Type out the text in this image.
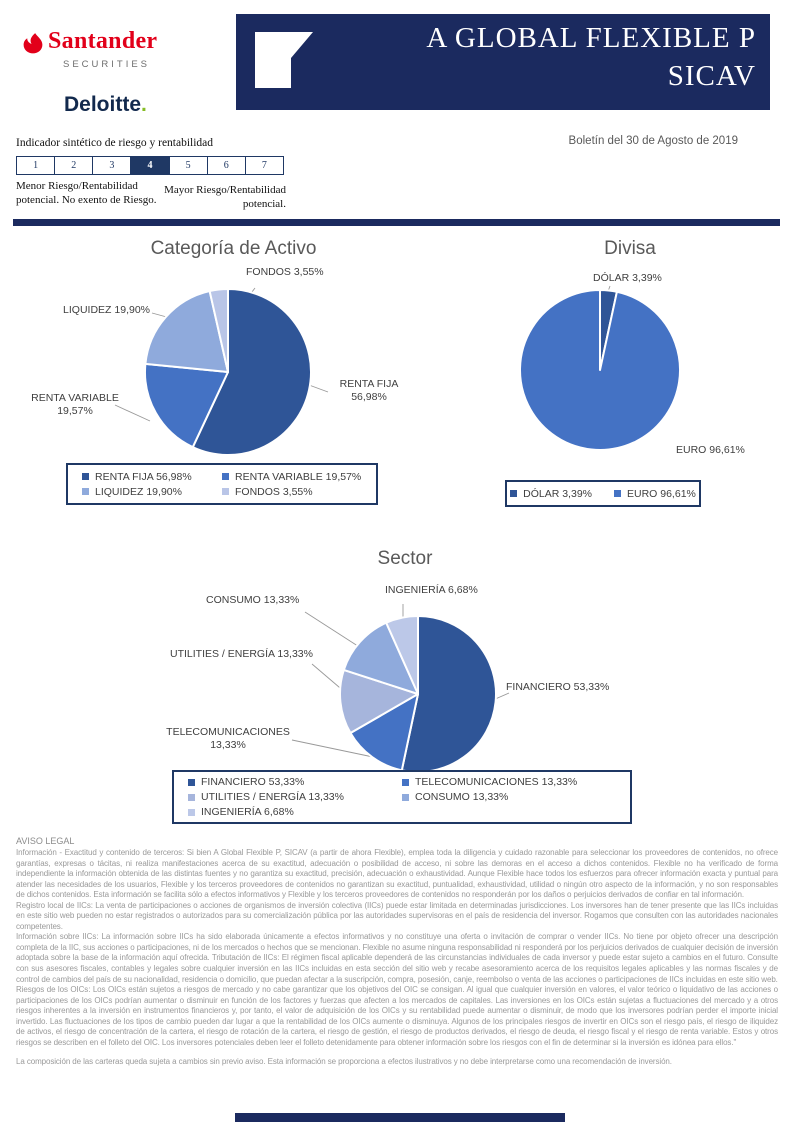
Santander
SECURITIES
Deloitte.
A GLOBAL FLEXIBLE P
SICAV
Boletín del 30 de Agosto de 2019
Indicador sintético de riesgo y rentabilidad
1	2	3	4	5	6	7
Menor Riesgo/Rentabilidad potencial. No exento de Riesgo.
Mayor Riesgo/Rentabilidad potencial.
Categoría de Activo
FONDOS 3,55%
LIQUIDEZ 19,90%
RENTA FIJA 56,98%
RENTA VARIABLE 19,57%
RENTA FIJA 56,98%	RENTA VARIABLE 19,57%
LIQUIDEZ 19,90%	FONDOS 3,55%
Divisa
DÓLAR 3,39%
EURO 96,61%
DÓLAR 3,39%	EURO 96,61%
Sector
INGENIERÍA 6,68%
CONSUMO 13,33%
UTILITIES / ENERGÍA 13,33%
TELECOMUNICACIONES 13,33%
FINANCIERO 53,33%
FINANCIERO 53,33%	TELECOMUNICACIONES 13,33%
UTILITIES / ENERGÍA 13,33%	CONSUMO 13,33%
INGENIERÍA 6,68%
AVISO LEGAL

Información - Exactitud y contenido de terceros: Si bien A Global Flexible P, SICAV (a partir de ahora Flexible), emplea toda la diligencia y cuidado razonable para seleccionar los proveedores de contenidos, no ofrece garantías, expresas o tácitas, ni realiza manifestaciones acerca de su exactitud, adecuación o posibilidad de acceso, ni sobre las demoras en el acceso a dichos contenidos. Flexible no ha verificado de forma independiente la información obtenida de las distintas fuentes y no garantiza su exactitud, precisión, adecuación o exhaustividad. Aunque Flexible hace todos los esfuerzos para ofrecer información exacta y puntual para atender las necesidades de los usuarios, Flexible y los terceros proveedores de contenidos no garantizan su exactitud, puntualidad, exhaustividad, utilidad o ningún otro aspecto de la información, y no son responsables de dichos contenidos. Esta información se facilita sólo a efectos informativos y Flexible y los terceros proveedores de contenidos no responderán por los daños o perjuicios derivados de confiar en tal información.

Registro local de IICs: La venta de participaciones o acciones de organismos de inversión colectiva (IICs) puede estar limitada en determinadas jurisdicciones. Los inversores han de tener presente que las IICs incluidas en este sitio web pueden no estar registrados o autorizados para su comercialización pública por las autoridades supervisoras en el país de residencia del inversor. Rogamos que consulten con las autoridades nacionales competentes.

Información sobre IICs: La información sobre IICs ha sido elaborada únicamente a efectos informativos y no constituye una oferta o invitación de comprar o vender IICs. No tiene por objeto ofrecer una descripción completa de la IIC, sus acciones o participaciones, ni de los mercados o hechos que se mencionan. Flexible no asume ninguna responsabilidad ni responderá por los perjuicios derivados de cualquier decisión de inversión adoptada sobre la base de la información aquí ofrecida. Tributación de IICs: El régimen fiscal aplicable dependerá de las circunstancias individuales de cada inversor y puede estar sujeto a cambios en el futuro. Consulte con sus asesores fiscales, contables y legales sobre cualquier inversión en las IICs incluidas en esta sección del sitio web y recabe asesoramiento acerca de los requisitos legales aplicables y las normas fiscales y de control de cambios del país de su nacionalidad, residencia o domicilio, que puedan afectar a la suscripción, compra, posesión, canje, reembolso o venta de las acciones o participaciones de IICs incluidas en este sitio web.

Riesgos de los OICs: Los OICs están sujetos a riesgos de mercado y no cabe garantizar que los objetivos del OIC se consigan. Al igual que cualquier inversión en valores, el valor teórico o liquidativo de las acciones o participaciones de los OICs podrían aumentar o disminuir en función de los factores y fuerzas que afecten a los mercados de capitales. Las inversiones en los OICs están sujetas a fluctuaciones del mercado y a otros riesgos inherentes a la inversión en instrumentos financieros y, por tanto, el valor de adquisición de los OICs y su rentabilidad puede aumentar o disminuir, de modo que los inversores podrían perder el importe inicial invertido. Las fluctuaciones de los tipos de cambio pueden dar lugar a que la rentabilidad de los OICs aumente o disminuya. Algunos de los principales riesgos de invertir en OICs son el riesgo país, el riesgo de iliquidez de activos, el riesgo de concentración de la cartera, el riesgo de rotación de la cartera, el riesgo de gestión, el riesgo de productos derivados, el riesgo de deuda, el riesgo fiscal y el riesgo de renta variable. Estos y otros riesgos se describen en el folleto del OIC. Los inversores potenciales deben leer el folleto detenidamente para obtener información sobre los riesgos con el fin de determinar si la inversión es idónea para ellos."

La composición de las carteras queda sujeta a cambios sin previo aviso. Esta información se proporciona a efectos ilustrativos y no debe interpretarse como una recomendación de inversión.
